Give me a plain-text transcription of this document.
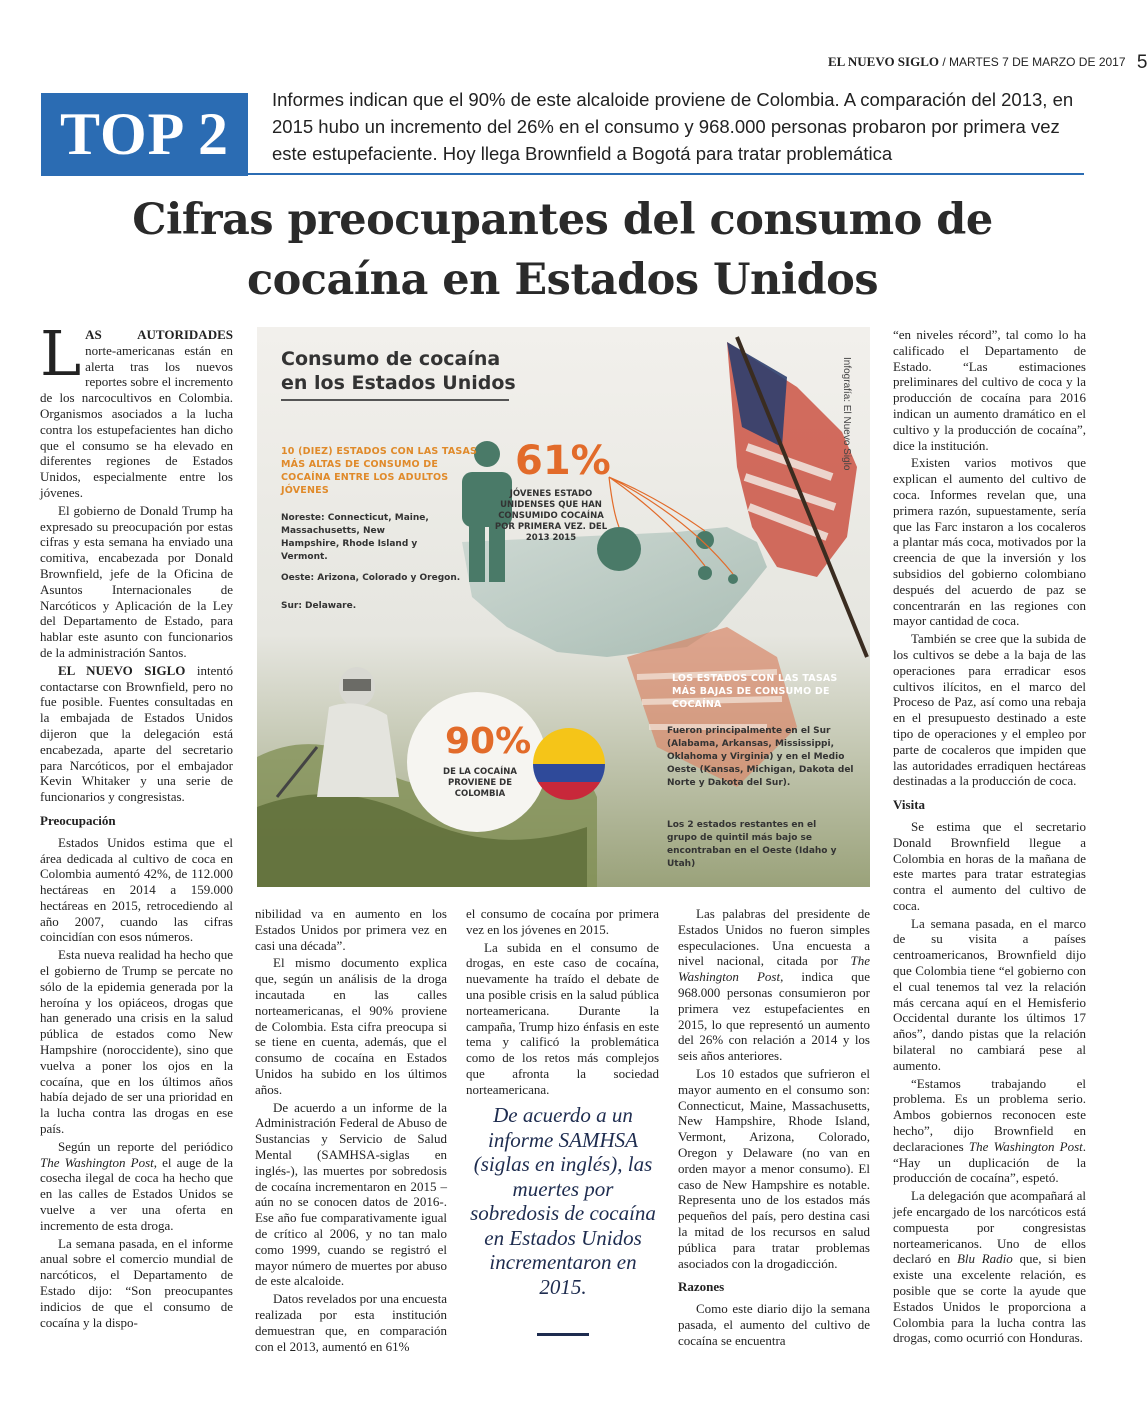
EL NUEVO SIGLO / MARTES 7 DE MARZO DE 2017 5
TOP 2
Informes indican que el 90% de este alcaloide proviene de Colombia. A comparación del 2013, en 2015 hubo un incremento del 26% en el consumo y 968.000 personas probaron por primera vez este estupefaciente. Hoy llega Brownfield a Bogotá para tratar problemática
Cifras preocupantes del consumo de cocaína en Estados Unidos

LAS AUTORIDADES norte-americanas están en alerta tras los nuevos reportes sobre el incremento de los narcocultivos en Colombia. Organismos asociados a la lucha contra los estupefacientes han dicho que el consumo se ha elevado en diferentes regiones de Estados Unidos, especialmente entre los jóvenes.

El gobierno de Donald Trump ha expresado su preocupación por estas cifras y esta semana ha enviado una comitiva, encabezada por Donald Brownfield, jefe de la Oficina de Asuntos Internacionales de Narcóticos y Aplicación de la Ley del Departamento de Estado, para hablar este asunto con funcionarios de la administración Santos.

EL NUEVO SIGLO intentó contactarse con Brownfield, pero no fue posible. Fuentes consultadas en la embajada de Estados Unidos dijeron que la delegación está encabezada, aparte del secretario para Narcóticos, por el embajador Kevin Whitaker y una serie de funcionarios y congresistas.

Preocupación

Estados Unidos estima que el área dedicada al cultivo de coca en Colombia aumentó 42%, de 112.000 hectáreas en 2014 a 159.000 hectáreas en 2015, retrocediendo al año 2007, cuando las cifras coincidían con esos números.

Esta nueva realidad ha hecho que el gobierno de Trump se percate no sólo de la epidemia generada por la heroína y los opiáceos, drogas que han generado una crisis en la salud pública de estados como New Hampshire (noroccidente), sino que vuelva a poner los ojos en la cocaína, que en los últimos años había dejado de ser una prioridad en la lucha contra las drogas en ese país.

Según un reporte del periódico The Washington Post, el auge de la cosecha ilegal de coca ha hecho que en las calles de Estados Unidos se vuelve a ver una oferta en incremento de esta droga.

La semana pasada, en el informe anual sobre el comercio mundial de narcóticos, el Departamento de Estado dijo: “Son preocupantes indicios de que el consumo de cocaína y la dispo-

Consumo de cocaína en los Estados Unidos	Infografía: El Nuevo Siglo
10 (DIEZ) ESTADOS CON LAS TASAS MÁS ALTAS DE CONSUMO DE COCAÍNA ENTRE LOS ADULTOS JÓVENES
Noreste: Connecticut, Maine, Massachusetts, New Hampshire, Rhode Island y Vermont.
Oeste: Arizona, Colorado y Oregon.
Sur: Delaware.
61%
JÓVENES ESTADO UNIDENSES QUE HAN CONSUMIDO COCAÍNA POR PRIMERA VEZ. DEL 2013 2015
LOS ESTADOS CON LAS TASAS MÁS BAJAS DE CONSUMO DE COCAÍNA
Fueron principalmente en el Sur (Alabama, Arkansas, Mississippi, Oklahoma y Virginia) y en el Medio Oeste (Kansas, Michigan, Dakota del Norte y Dakota del Sur).
Los 2 estados restantes en el grupo de quintil más bajo se encontraban en el Oeste (Idaho y Utah)
90%
DE LA COCAÍNA PROVIENE DE COLOMBIA

nibilidad va en aumento en los Estados Unidos por primera vez en casi una década”.

El mismo documento explica que, según un análisis de la droga incautada en las calles norteamericanas, el 90% proviene de Colombia. Esta cifra preocupa si se tiene en cuenta, además, que el consumo de cocaína en Estados Unidos ha subido en los últimos años.

De acuerdo a un informe de la Administración Federal de Abuso de Sustancias y Servicio de Salud Mental (SAMHSA-siglas en inglés-), las muertes por sobredosis de cocaína incrementaron en 2015 –aún no se conocen datos de 2016-. Ese año fue comparativamente igual de crítico al 2006, y no tan malo como 1999, cuando se registró el mayor número de muertes por abuso de este alcaloide.

Datos revelados por una encuesta realizada por esta institución demuestran que, en comparación con el 2013, aumentó en 61%

el consumo de cocaína por primera vez en los jóvenes en 2015.

La subida en el consumo de drogas, en este caso de cocaína, nuevamente ha traído el debate de una posible crisis en la salud pública norteamericana. Durante la campaña, Trump hizo énfasis en este tema y calificó la problemática como de los retos más complejos que afronta la sociedad norteamericana.

De acuerdo a un informe SAMHSA (siglas en inglés), las muertes por sobredosis de cocaína en Estados Unidos incrementaron en 2015.

Las palabras del presidente de Estados Unidos no fueron simples especulaciones. Una encuesta a nivel nacional, citada por The Washington Post, indica que 968.000 personas consumieron por primera vez estupefacientes en 2015, lo que representó un aumento del 26% con relación a 2014 y los seis años anteriores.

Los 10 estados que sufrieron el mayor aumento en el consumo son: Connecticut, Maine, Massachusetts, New Hampshire, Rhode Island, Vermont, Arizona, Colorado, Oregon y Delaware (no van en orden mayor a menor consumo). El caso de New Hampshire es notable. Representa uno de los estados más pequeños del país, pero destina casi la mitad de los recursos en salud pública para tratar problemas asociados con la drogadicción.

Razones

Como este diario dijo la semana pasada, el aumento del cultivo de cocaína se encuentra

“en niveles récord”, tal como lo ha calificado el Departamento de Estado. “Las estimaciones preliminares del cultivo de coca y la producción de cocaína para 2016 indican un aumento dramático en el cultivo y la producción de cocaína”, dice la institución.

Existen varios motivos que explican el aumento del cultivo de coca. Informes revelan que, una primera razón, supuestamente, sería que las Farc instaron a los cocaleros a plantar más coca, motivados por la creencia de que la inversión y los subsidios del gobierno colombiano después del acuerdo de paz se concentrarán en las regiones con mayor cantidad de coca.

También se cree que la subida de los cultivos se debe a la baja de las operaciones para erradicar esos cultivos ilícitos, en el marco del Proceso de Paz, así como una rebaja en el presupuesto destinado a este tipo de operaciones y el empleo por parte de cocaleros que impiden que las autoridades erradiquen hectáreas destinadas a la producción de coca.

Visita

Se estima que el secretario Donald Brownfield llegue a Colombia en horas de la mañana de este martes para tratar estrategias contra el aumento del cultivo de coca.

La semana pasada, en el marco de su visita a países centroamericanos, Brownfield dijo que Colombia tiene “el gobierno con el cual tenemos tal vez la relación más cercana aquí en el Hemisferio Occidental durante los últimos 17 años”, dando pistas que la relación bilateral no cambiará pese al aumento.

“Estamos trabajando el problema. Es un problema serio. Ambos gobiernos reconocen este hecho”, dijo Brownfield en declaraciones The Washington Post. “Hay un duplicación de la producción de cocaína”, espetó.

La delegación que acompañará al jefe encargado de los narcóticos está compuesta por congresistas norteamericanos. Uno de ellos declaró en Blu Radio que, si bien existe una excelente relación, es posible que se corte la ayude que Estados Unidos le proporciona a Colombia para la lucha contra las drogas, como ocurrió con Honduras.
